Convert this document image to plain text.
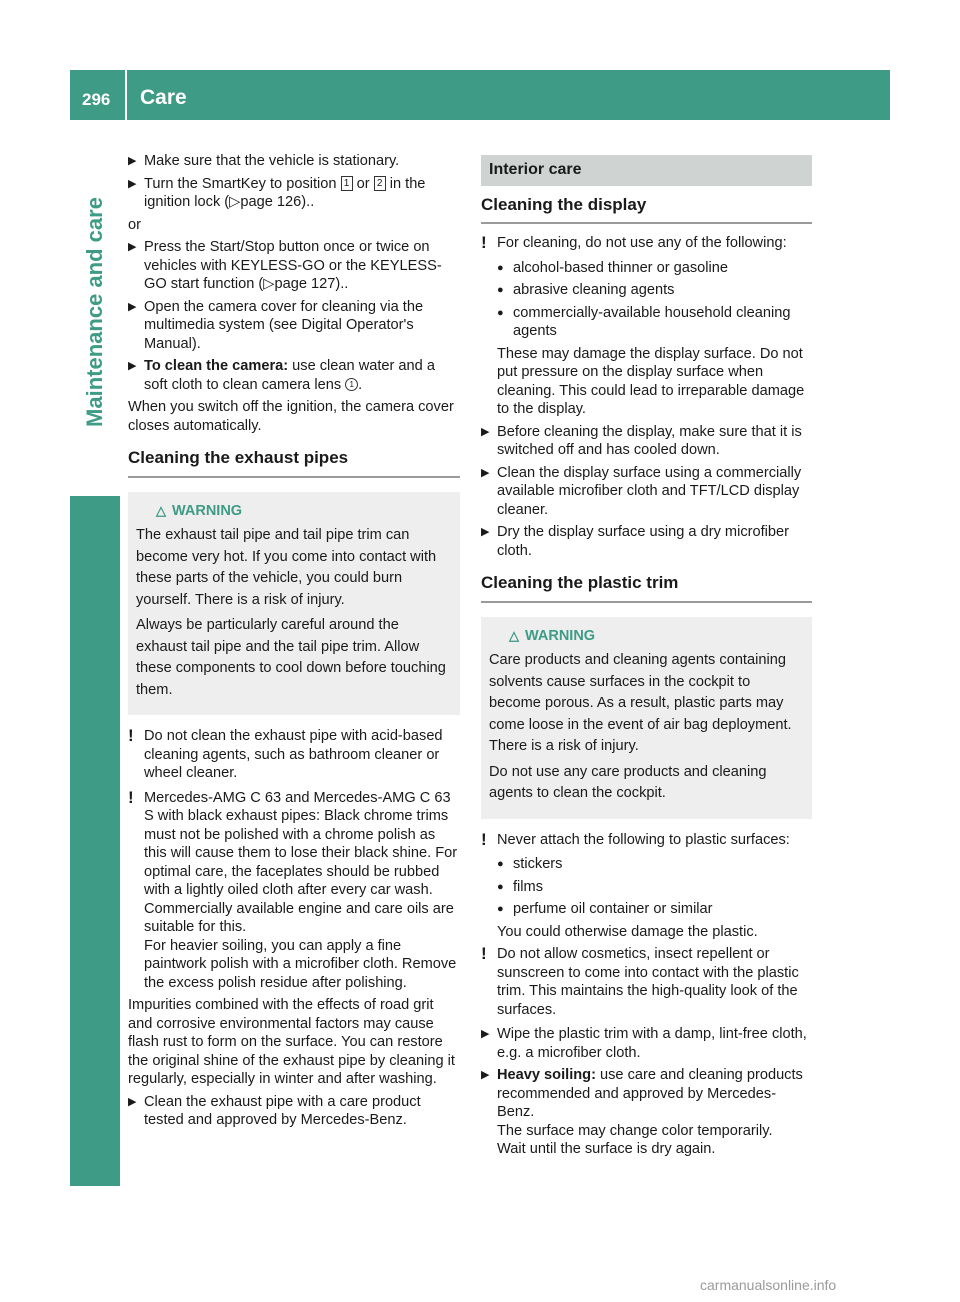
296 Care
Maintenance and care

▶ Make sure that the vehicle is stationary.

▶ Turn the SmartKey to position 1 or 2 in the ignition lock (▷page 126)..

or

▶ Press the Start/Stop button once or twice on vehicles with KEYLESS-GO or the KEYLESS-GO start function (▷page 127)..

▶ Open the camera cover for cleaning via the multimedia system (see Digital Operator's Manual).

▶ To clean the camera: use clean water and a soft cloth to clean camera lens 1 .

When you switch off the ignition, the camera cover closes automatically.

Cleaning the exhaust pipes

△ WARNING

The exhaust tail pipe and tail pipe trim can become very hot. If you come into contact with these parts of the vehicle, you could burn yourself. There is a risk of injury.

Always be particularly careful around the exhaust tail pipe and the tail pipe trim. Allow these components to cool down before touching them.

! Do not clean the exhaust pipe with acid-based cleaning agents, such as bathroom cleaner or wheel cleaner.

! Mercedes-AMG C 63 and Mercedes-AMG C 63 S with black exhaust pipes: Black chrome trims must not be polished with a chrome polish as this will cause them to lose their black shine. For optimal care, the faceplates should be rubbed with a lightly oiled cloth after every car wash. Commercially available engine and care oils are suitable for this.

For heavier soiling, you can apply a fine paintwork polish with a microfiber cloth. Remove the excess polish residue after polishing.

Impurities combined with the effects of road grit and corrosive environmental factors may cause flash rust to form on the surface. You can restore the original shine of the exhaust pipe by cleaning it regularly, especially in winter and after washing.

▶ Clean the exhaust pipe with a care product tested and approved by Mercedes-Benz.

Interior care

Cleaning the display

! For cleaning, do not use any of the following:

● alcohol-based thinner or gasoline

● abrasive cleaning agents

● commercially-available household cleaning agents

These may damage the display surface. Do not put pressure on the display surface when cleaning. This could lead to irreparable damage to the display.

▶ Before cleaning the display, make sure that it is switched off and has cooled down.

▶ Clean the display surface using a commercially available microfiber cloth and TFT/LCD display cleaner.

▶ Dry the display surface using a dry microfiber cloth.

Cleaning the plastic trim

△ WARNING

Care products and cleaning agents containing solvents cause surfaces in the cockpit to become porous. As a result, plastic parts may come loose in the event of air bag deployment. There is a risk of injury.

Do not use any care products and cleaning agents to clean the cockpit.

! Never attach the following to plastic surfaces:

● stickers

● films

● perfume oil container or similar

You could otherwise damage the plastic.

! Do not allow cosmetics, insect repellent or sunscreen to come into contact with the plastic trim. This maintains the high-quality look of the surfaces.

▶ Wipe the plastic trim with a damp, lint-free cloth, e.g. a microfiber cloth.

▶ Heavy soiling: use care and cleaning products recommended and approved by Mercedes-Benz.

The surface may change color temporarily.

Wait until the surface is dry again.

carmanualsonline.info
